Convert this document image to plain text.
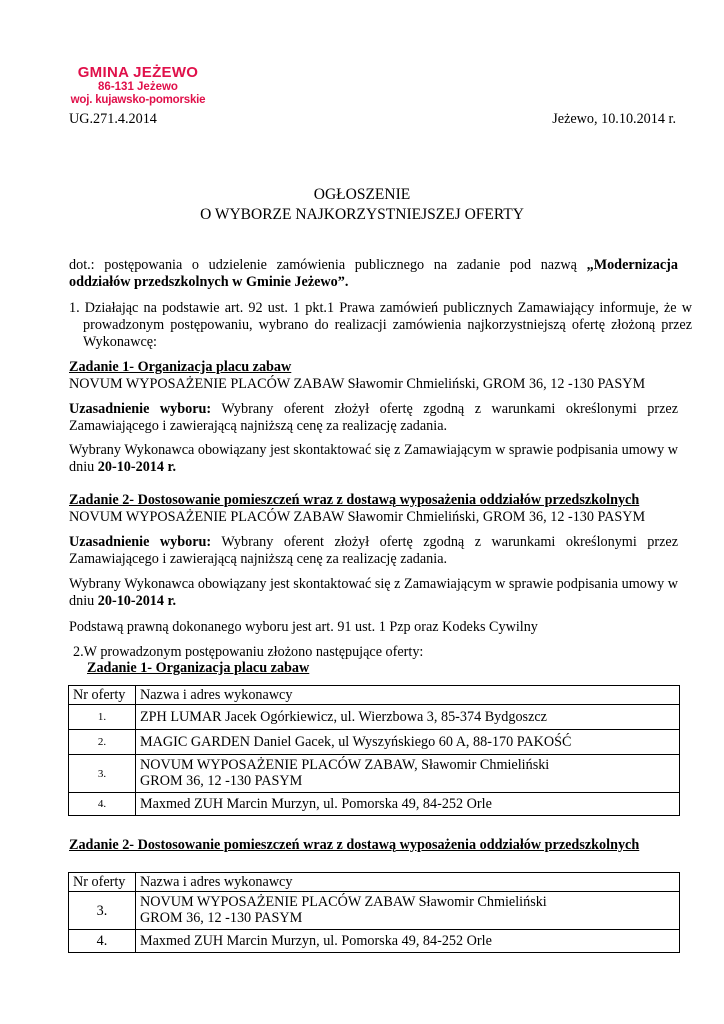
GMINA JEŻEWO
86-131 Jeżewo
woj. kujawsko-pomorskie
UG.271.4.2014	Jeżewo, 10.10.2014 r.
OGŁOSZENIE
O WYBORZE NAJKORZYSTNIEJSZEJ OFERTY
dot.: postępowania o udzielenie zamówienia publicznego na zadanie pod nazwą „Modernizacja oddziałów przedszkolnych w Gminie Jeżewo”.
1. Działając na podstawie art. 92 ust. 1 pkt.1 Prawa zamówień publicznych Zamawiający informuje, że w prowadzonym postępowaniu, wybrano do realizacji zamówienia najkorzystniejszą ofertę złożoną przez Wykonawcę:
Zadanie 1- Organizacja placu zabaw
NOVUM WYPOSAŻENIE PLACÓW ZABAW Sławomir Chmieliński, GROM 36, 12 -130 PASYM
Uzasadnienie wyboru: Wybrany oferent złożył ofertę zgodną z warunkami określonymi przez Zamawiającego i zawierającą najniższą cenę za realizację zadania.
Wybrany Wykonawca obowiązany jest skontaktować się z Zamawiającym w sprawie podpisania umowy w dniu 20-10-2014 r.
Zadanie 2- Dostosowanie pomieszczeń wraz z dostawą wyposażenia oddziałów przedszkolnych
NOVUM WYPOSAŻENIE PLACÓW ZABAW Sławomir Chmieliński, GROM 36, 12 -130 PASYM
Uzasadnienie wyboru: Wybrany oferent złożył ofertę zgodną z warunkami określonymi przez Zamawiającego i zawierającą najniższą cenę za realizację zadania.
Wybrany Wykonawca obowiązany jest skontaktować się z Zamawiającym w sprawie podpisania umowy w dniu 20-10-2014 r.
Podstawą prawną dokonanego wyboru jest art. 91 ust. 1 Pzp oraz Kodeks Cywilny
2.W prowadzonym postępowaniu złożono następujące oferty:
Zadanie 1- Organizacja placu zabaw
Nr oferty	Nazwa i adres wykonawcy
1.	ZPH LUMAR Jacek Ogórkiewicz, ul. Wierzbowa 3, 85-374 Bydgoszcz
2.	MAGIC GARDEN Daniel Gacek, ul Wyszyńskiego 60 A, 88-170 PAKOŚĆ
3.	NOVUM WYPOSAŻENIE PLACÓW ZABAW, Sławomir Chmieliński
GROM 36, 12 -130 PASYM

4.	Maxmed ZUH Marcin Murzyn, ul. Pomorska 49, 84-252 Orle
Zadanie 2- Dostosowanie pomieszczeń wraz z dostawą wyposażenia oddziałów przedszkolnych
Nr oferty	Nazwa i adres wykonawcy
3.	NOVUM WYPOSAŻENIE PLACÓW ZABAW Sławomir Chmieliński
GROM 36, 12 -130 PASYM

4.	Maxmed ZUH Marcin Murzyn, ul. Pomorska 49, 84-252 Orle
